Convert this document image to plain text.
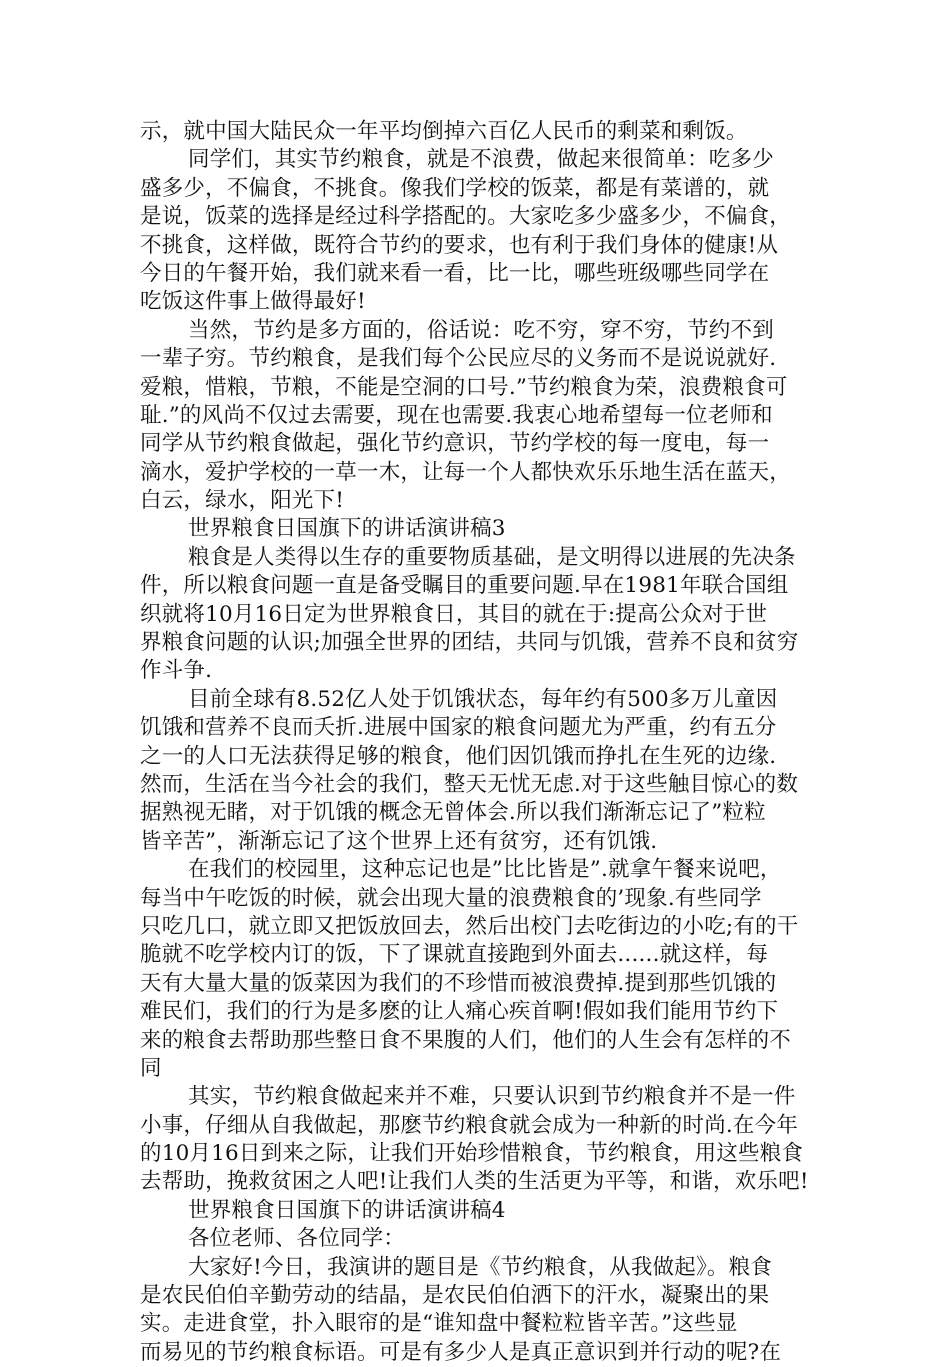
示，就中国大陆民众一年平均倒掉六百亿人民币的剩菜和剩饭。
同学们，其实节约粮食，就是不浪费，做起来很简单：吃多少
盛多少，不偏食，不挑食。像我们学校的饭菜，都是有菜谱的，就
是说，饭菜的选择是经过科学搭配的。大家吃多少盛多少，不偏食，
不挑食，这样做，既符合节约的要求，也有利于我们身体的健康!从
今日的午餐开始，我们就来看一看，比一比，哪些班级哪些同学在
吃饭这件事上做得最好!
当然，节约是多方面的，俗话说：吃不穷，穿不穷，节约不到
一辈子穷。节约粮食，是我们每个公民应尽的义务而不是说说就好.
爱粮，惜粮，节粮，不能是空洞的口号.”节约粮食为荣，浪费粮食可
耻.”的风尚不仅过去需要，现在也需要.我衷心地希望每一位老师和
同学从节约粮食做起，强化节约意识，节约学校的每一度电，每一
滴水，爱护学校的一草一木，让每一个人都快欢乐乐地生活在蓝天，
白云，绿水，阳光下!
世界粮食日国旗下的讲话演讲稿3
粮食是人类得以生存的重要物质基础，是文明得以进展的先决条
件，所以粮食问题一直是备受瞩目的重要问题.早在1981年联合国组
织就将10月16日定为世界粮食日，其目的就在于:提高公众对于世
界粮食问题的认识;加强全世界的团结，共同与饥饿，营养不良和贫穷
作斗争.
目前全球有8.52亿人处于饥饿状态，每年约有500多万儿童因
饥饿和营养不良而夭折.进展中国家的粮食问题尤为严重，约有五分
之一的人口无法获得足够的粮食，他们因饥饿而挣扎在生死的边缘.
然而，生活在当今社会的我们，整天无忧无虑.对于这些触目惊心的数
据熟视无睹，对于饥饿的概念无曾体会.所以我们渐渐忘记了”粒粒
皆辛苦”，渐渐忘记了这个世界上还有贫穷，还有饥饿.
在我们的校园里，这种忘记也是”比比皆是”.就拿午餐来说吧，
每当中午吃饭的时候，就会出现大量的浪费粮食的’现象.有些同学
只吃几口，就立即又把饭放回去，然后出校门去吃街边的小吃;有的干
脆就不吃学校内订的饭，下了课就直接跑到外面去......就这样，每
天有大量大量的饭菜因为我们的不珍惜而被浪费掉.提到那些饥饿的
难民们，我们的行为是多麽的让人痛心疾首啊!假如我们能用节约下
来的粮食去帮助那些整日食不果腹的人们，他们的人生会有怎样的不
同
其实，节约粮食做起来并不难，只要认识到节约粮食并不是一件
小事，仔细从自我做起，那麽节约粮食就会成为一种新的时尚.在今年
的10月16日到来之际，让我们开始珍惜粮食，节约粮食，用这些粮食
去帮助，挽救贫困之人吧!让我们人类的生活更为平等，和谐，欢乐吧!
世界粮食日国旗下的讲话演讲稿4
各位老师、各位同学：
大家好!今日，我演讲的题目是《节约粮食，从我做起》。粮食
是农民伯伯辛勤劳动的结晶，是农民伯伯洒下的汗水，凝聚出的果
实。走进食堂，扑入眼帘的是“谁知盘中餐粒粒皆辛苦。”这些显
而易见的节约粮食标语。可是有多少人是真正意识到并行动的呢?在
